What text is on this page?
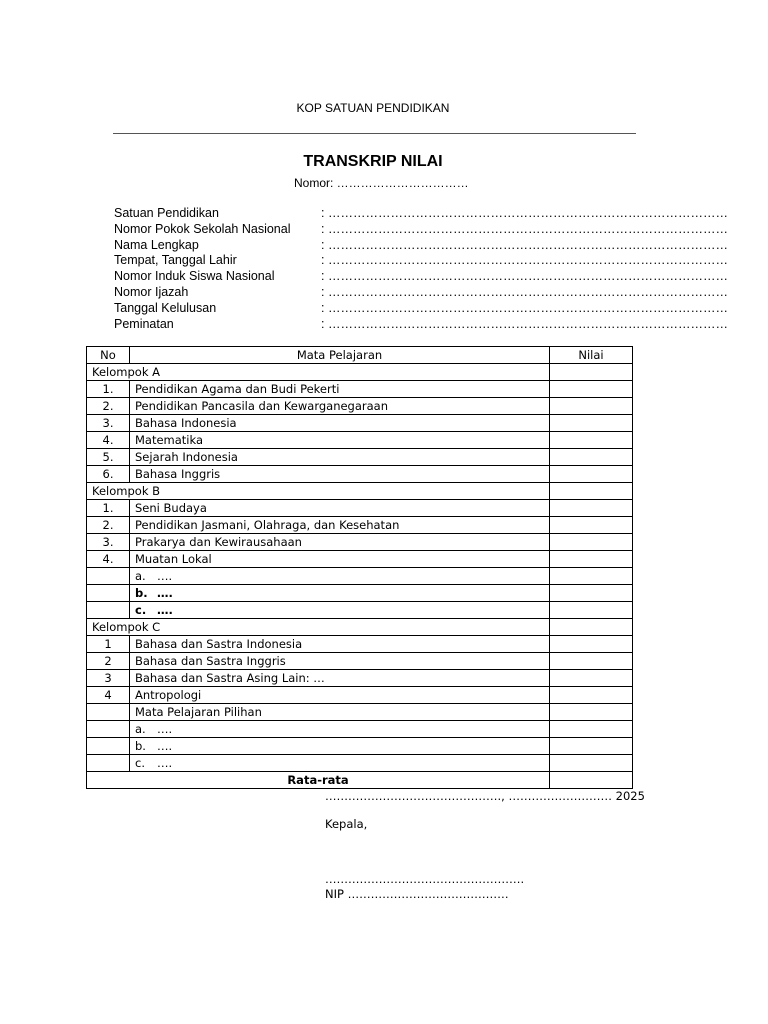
KOP SATUAN PENDIDIKAN
TRANSKRIP NILAI
Nomor: ……………………………
Satuan Pendidikan	: ……………………………………………………………………………………
Nomor Pokok Sekolah Nasional : ……………………………………………………………………………………
Nama Lengkap	: ……………………………………………………………………………………
Tempat, Tanggal Lahir	: ……………………………………………………………………………………
Nomor Induk Siswa Nasional	: ……………………………………………………………………………………
Nomor Ijazah	: ……………………………………………………………………………………
Tanggal Kelulusan	: ……………………………………………………………………………………
Peminatan	: ……………………………………………………………………………………
No	Mata Pelajaran	Nilai
Kelompok A		
1.	Pendidikan Agama dan Budi Pekerti	
2.	Pendidikan Pancasila dan Kewarganegaraan	
3.	Bahasa Indonesia	
4.	Matematika	
5.	Sejarah Indonesia	
6.	Bahasa Inggris	
Kelompok B		
1.	Seni Budaya	
2.	Pendidikan Jasmani, Olahraga, dan Kesehatan	
3.	Prakarya dan Kewirausahaan	
4.	Muatan Lokal	
	a. ….	
	b. ….	
	c. ….	
Kelompok C		
1	Bahasa dan Sastra Indonesia	
2	Bahasa dan Sastra Inggris	
3	Bahasa dan Sastra Asing Lain: …	
4	Antropologi	
	Mata Pelajaran Pilihan	
	a. ….	
	b. ….	
	c. ….	
Rata-rata		
………………………………………., ……………………… 2025
Kepala,
…………………………………………….
NIP ……………………………………
